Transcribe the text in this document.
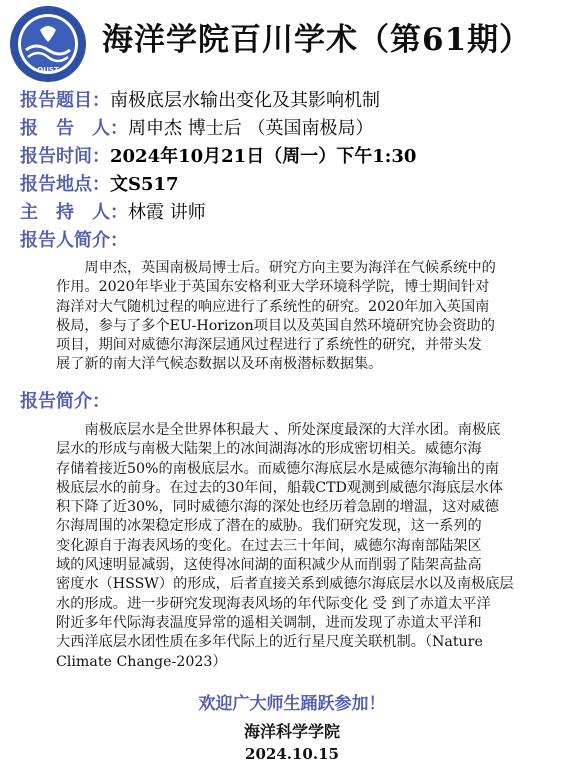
OUST
海洋学院百川学术（第61期）
报告题目：南极底层水输出变化及其影响机制
报　告　人：周申杰 博士后 （英国南极局）
报告时间：2024年10月21日（周一）下午1:30
报告地点：文S517
主　持　人：林霞 讲师
报告人简介：

　　周申杰，英国南极局博士后。研究方向主要为海洋在气候系统中的
作用。2020年毕业于英国东安格利亚大学环境科学院，博士期间针对
海洋对大气随机过程的响应进行了系统性的研究。2020年加入英国南
极局，参与了多个EU-Horizon项目以及英国自然环境研究协会资助的
项目，期间对威德尔海深层通风过程进行了系统性的研究，并带头发
展了新的南大洋气候态数据以及环南极潜标数据集。

报告简介：

　　南极底层水是全世界体积最大 、所处深度最深的大洋水团。南极底
层水的形成与南极大陆架上的冰间湖海冰的形成密切相关。威德尔海
存储着接近50%的南极底层水。而威德尔海底层水是威德尔海输出的南
极底层水的前身。在过去的30年间，船载CTD观测到威德尔海底层水体
积下降了近30%，同时威德尔海的深处也经历着急剧的增温，这对威德
尔海周围的冰架稳定形成了潜在的威胁。我们研究发现，这一系列的
变化源自于海表风场的变化。在过去三十年间，威德尔海南部陆架区
域的风速明显减弱，这使得冰间湖的面积减少从而削弱了陆架高盐高
密度水（HSSW）的形成，后者直接关系到威德尔海底层水以及南极底层
水的形成。进一步研究发现海表风场的年代际变化 受 到了赤道太平洋
附近多年代际海表温度异常的遥相关调制，进而发现了赤道太平洋和
大西洋底层水团性质在多年代际上的近行星尺度关联机制。（Nature
Climate Change-2023）

欢迎广大师生踊跃参加！
海洋科学学院
2024.10.15
